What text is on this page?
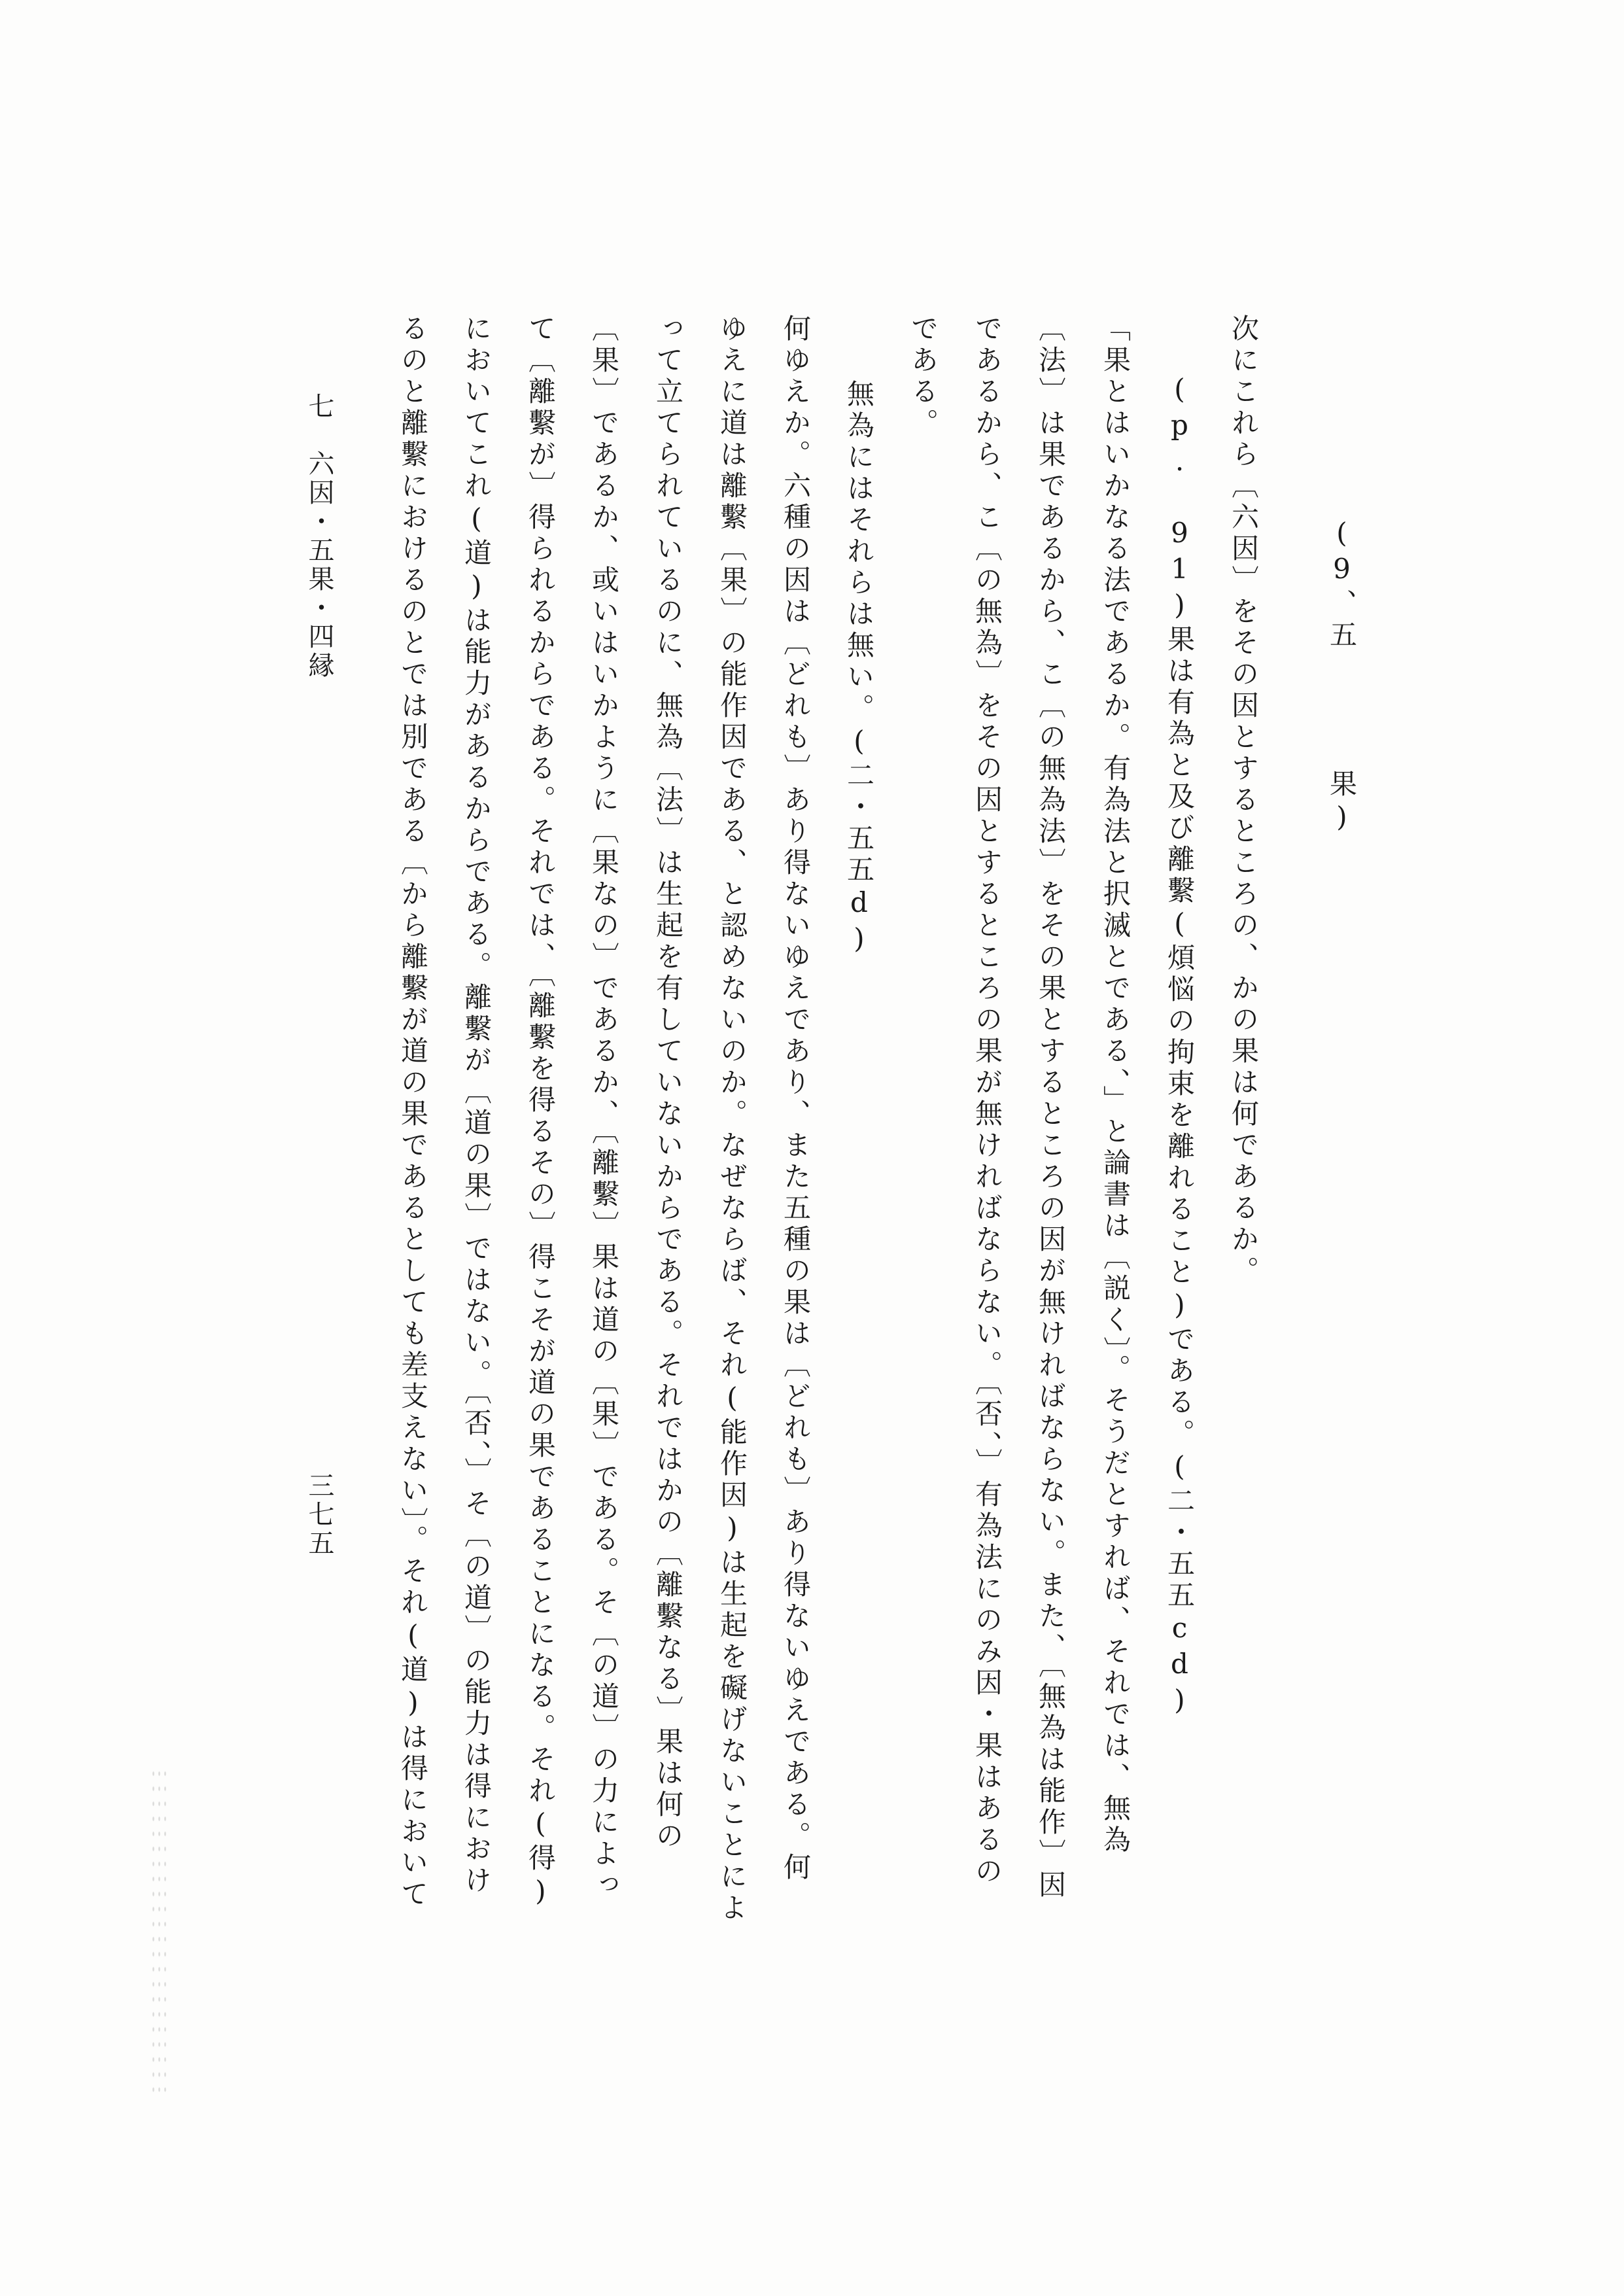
(9、五果)
次にこれら〔六因〕をその因とするところの、かの果は何であるか。
(p. 91)果は有為と及び離繫(煩悩の拘束を離れること)である。(二・五五cd)
「果とはいかなる法であるか。有為法と択滅とである、」と論書は〔説く〕。そうだとすれば、それでは、無為
〔法〕は果であるから、こ〔の無為法〕をその果とするところの因が無ければならない。また、〔無為は能作〕因
であるから、こ〔の無為〕をその因とするところの果が無ければならない。〔否、〕有為法にのみ因・果はあるの
である。
無為にはそれらは無い。(二・五五d)
何ゆえか。六種の因は〔どれも〕あり得ないゆえであり、また五種の果は〔どれも〕あり得ないゆえである。何
ゆえに道は離繫〔果〕の能作因である、と認めないのか。なぜならば、それ(能作因)は生起を礙げないことによ
って立てられているのに、無為〔法〕は生起を有していないからである。それではかの〔離繫なる〕果は何の
〔果〕であるか、或いはいかように〔果なの〕であるか、〔離繫〕果は道の〔果〕である。そ〔の道〕の力によっ
て〔離繫が〕得られるからである。それでは、〔離繫を得るその〕得こそが道の果であることになる。それ(得)
においてこれ(道)は能力があるからである。離繫が〔道の果〕ではない。〔否、〕そ〔の道〕の能力は得におけ
るのと離繫におけるのとでは別である〔から離繫が道の果であるとしても差支えない〕。それ(道)は得において
七　六因・五果・四縁
三七五
